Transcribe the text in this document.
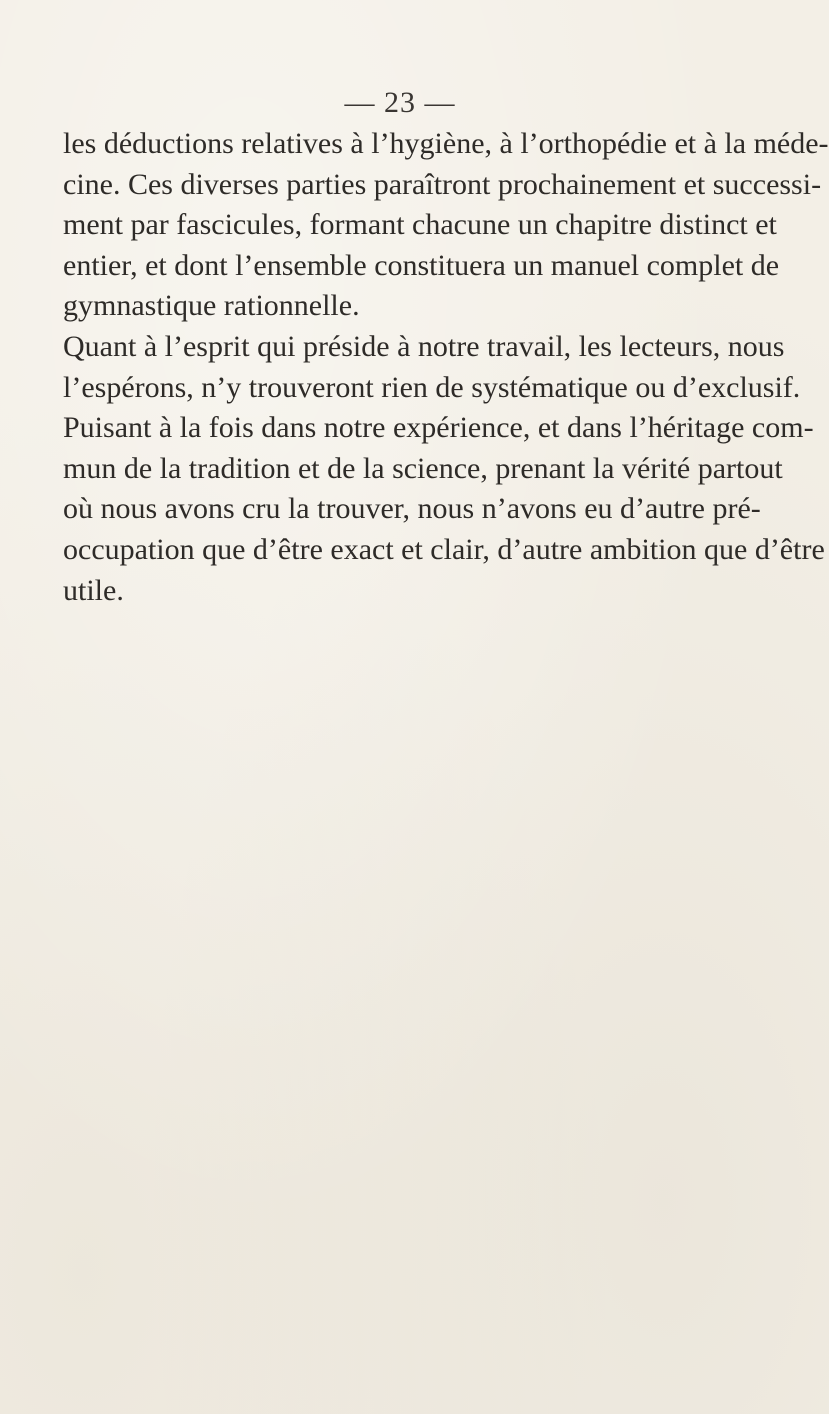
— 23 —
les déductions relatives à l’hygiène, à l’orthopédie et à la méde-
cine. Ces diverses parties paraîtront prochainement et successi-
ment par fascicules, formant chacune un chapitre distinct et
entier, et dont l’ensemble constituera un manuel complet de
gymnastique rationnelle.
Quant à l’esprit qui préside à notre travail, les lecteurs, nous
l’espérons, n’y trouveront rien de systématique ou d’exclusif.
Puisant à la fois dans notre expérience, et dans l’héritage com-
mun de la tradition et de la science, prenant la vérité partout
où nous avons cru la trouver, nous n’avons eu d’autre pré-
occupation que d’être exact et clair, d’autre ambition que d’être
utile.
